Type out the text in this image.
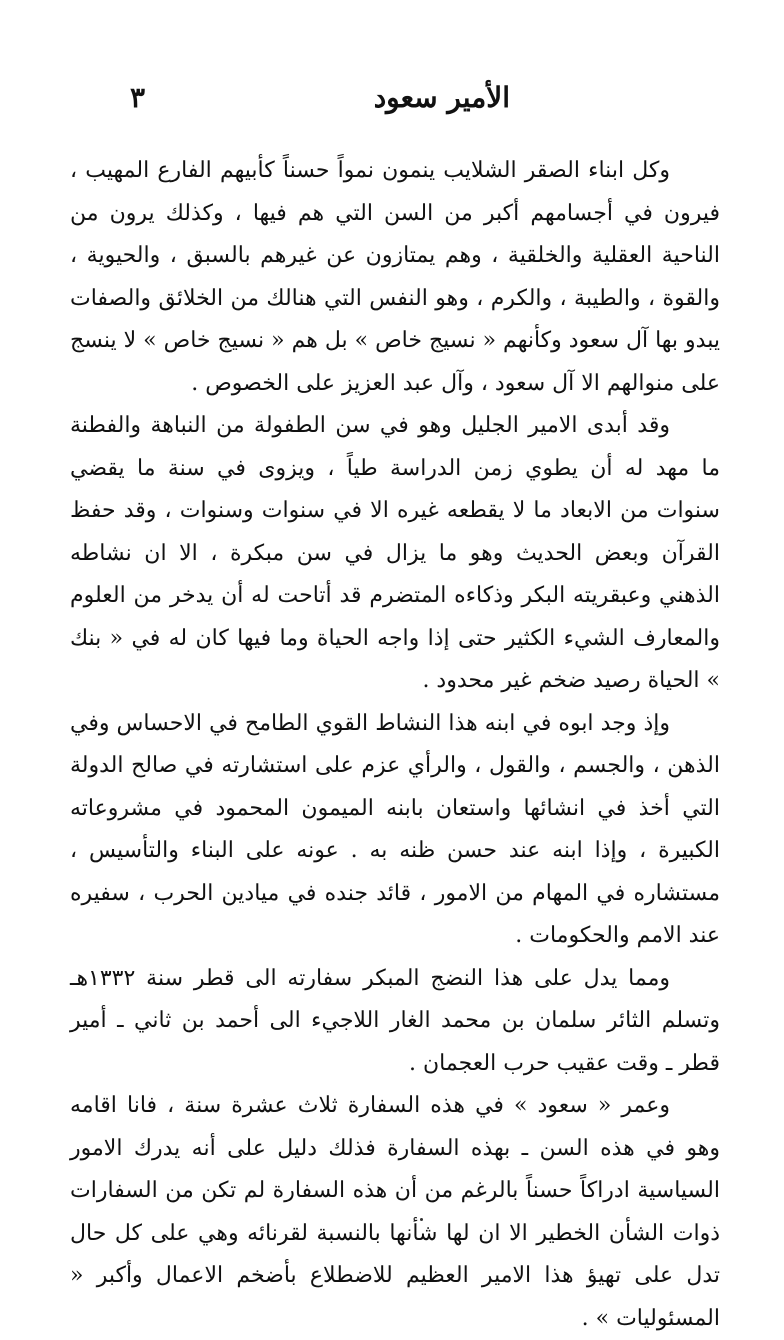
الأمير سعود
٣

وكل ابناء الصقر الشلايب ينمون نمواً حسناً كأبيهم الفارع المهيب ، فيرون في أجسامهم أكبر من السن التي هم فيها ، وكذلك يرون من الناحية العقلية والخلقية ، وهم يمتازون عن غيرهم بالسبق ، والحيوية ، والقوة ، والطيبة ، والكرم ، وهو النفس التي هنالك من الخلائق والصفات يبدو بها آل سعود وكأنهم « نسيج خاص » بل هم « نسيج خاص » لا ينسج على منوالهم الا آل سعود ، وآل عبد العزيز على الخصوص .

وقد أبدى الامير الجليل وهو في سن الطفولة من النباهة والفطنة ما مهد له أن يطوي زمن الدراسة طياً ، ويزوى في سنة ما يقضي سنوات من الابعاد ما لا يقطعه غيره الا في سنوات وسنوات ، وقد حفظ القرآن وبعض الحديث وهو ما يزال في سن مبكرة ، الا ان نشاطه الذهني وعبقريته البكر وذكاءه المتضرم قد أتاحت له أن يدخر من العلوم والمعارف الشيء الكثير حتى إذا واجه الحياة وما فيها كان له في « بنك » الحياة رصيد ضخم غير محدود .

وإذ وجد ابوه في ابنه هذا النشاط القوي الطامح في الاحساس وفي الذهن ، والجسم ، والقول ، والرأي عزم على استشارته في صالح الدولة التي أخذ في انشائها واستعان بابنه الميمون المحمود في مشروعاته الكبيرة ، وإذا ابنه عند حسن ظنه به . عونه على البناء والتأسيس ، مستشاره في المهام من الامور ، قائد جنده في ميادين الحرب ، سفيره عند الامم والحكومات .

ومما يدل على هذا النضج المبكر سفارته الى قطر سنة ١٣٣٢هـ وتسلم الثائر سلمان بن محمد الغار اللاجيء الى أحمد بن ثاني ـ أمير قطر ـ وقت عقيب حرب العجمان .

وعمر « سعود » في هذه السفارة ثلاث عشرة سنة ، فانا اقامه وهو في هذه السن ـ بهذه السفارة فذلك دليل على أنه يدرك الامور السياسية ادراكاً حسناً بالرغم من أن هذه السفارة لم تكن من السفارات ذوات الشأن الخطير الا ان لها شأنها بالنسبة لقرنائه وهي على كل حال تدل على تهيؤ هذا الامير العظيم للاضطلاع بأضخم الاعمال وأكبر « المسئوليات » .
